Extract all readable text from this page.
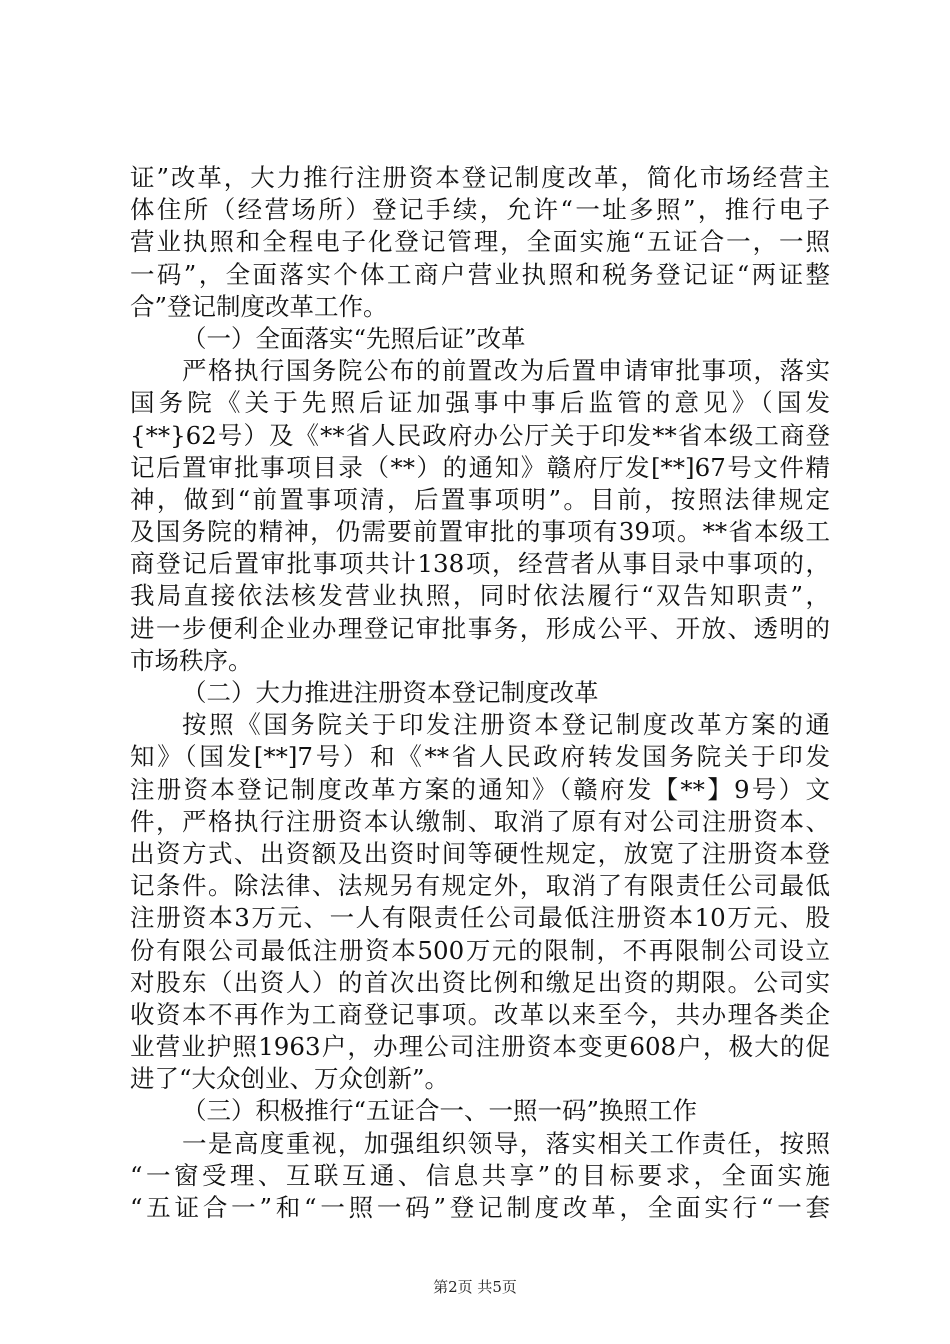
证”改革，大力推行注册资本登记制度改革，简化市场经营主
体住所（经营场所）登记手续，允许“一址多照”，推行电子
营业执照和全程电子化登记管理，全面实施“五证合一，一照
一码”，全面落实个体工商户营业执照和税务登记证“两证整
合”登记制度改革工作。
（一）全面落实“先照后证”改革
严格执行国务院公布的前置改为后置申请审批事项，落实
国务院《关于先照后证加强事中事后监管的意见》（国发
{**}62号）及《**省人民政府办公厅关于印发**省本级工商登
记后置审批事项目录（**）的通知》赣府厅发[**]67号文件精
神，做到“前置事项清，后置事项明”。目前，按照法律规定
及国务院的精神，仍需要前置审批的事项有39项。**省本级工
商登记后置审批事项共计138项，经营者从事目录中事项的，
我局直接依法核发营业执照，同时依法履行“双告知职责”，
进一步便利企业办理登记审批事务，形成公平、开放、透明的
市场秩序。
（二）大力推进注册资本登记制度改革
按照《国务院关于印发注册资本登记制度改革方案的通
知》（国发[**]7号）和《**省人民政府转发国务院关于印发
注册资本登记制度改革方案的通知》（赣府发【**】9号）文
件，严格执行注册资本认缴制、取消了原有对公司注册资本、
出资方式、出资额及出资时间等硬性规定，放宽了注册资本登
记条件。除法律、法规另有规定外，取消了有限责任公司最低
注册资本3万元、一人有限责任公司最低注册资本10万元、股
份有限公司最低注册资本500万元的限制，不再限制公司设立
对股东（出资人）的首次出资比例和缴足出资的期限。公司实
收资本不再作为工商登记事项。改革以来至今，共办理各类企
业营业护照1963户，办理公司注册资本变更608户，极大的促
进了“大众创业、万众创新”。
（三）积极推行“五证合一、一照一码”换照工作
一是高度重视，加强组织领导，落实相关工作责任，按照
“一窗受理、互联互通、信息共享”的目标要求，全面实施
“五证合一”和“一照一码”登记制度改革，全面实行“一套
第2页 共5页
